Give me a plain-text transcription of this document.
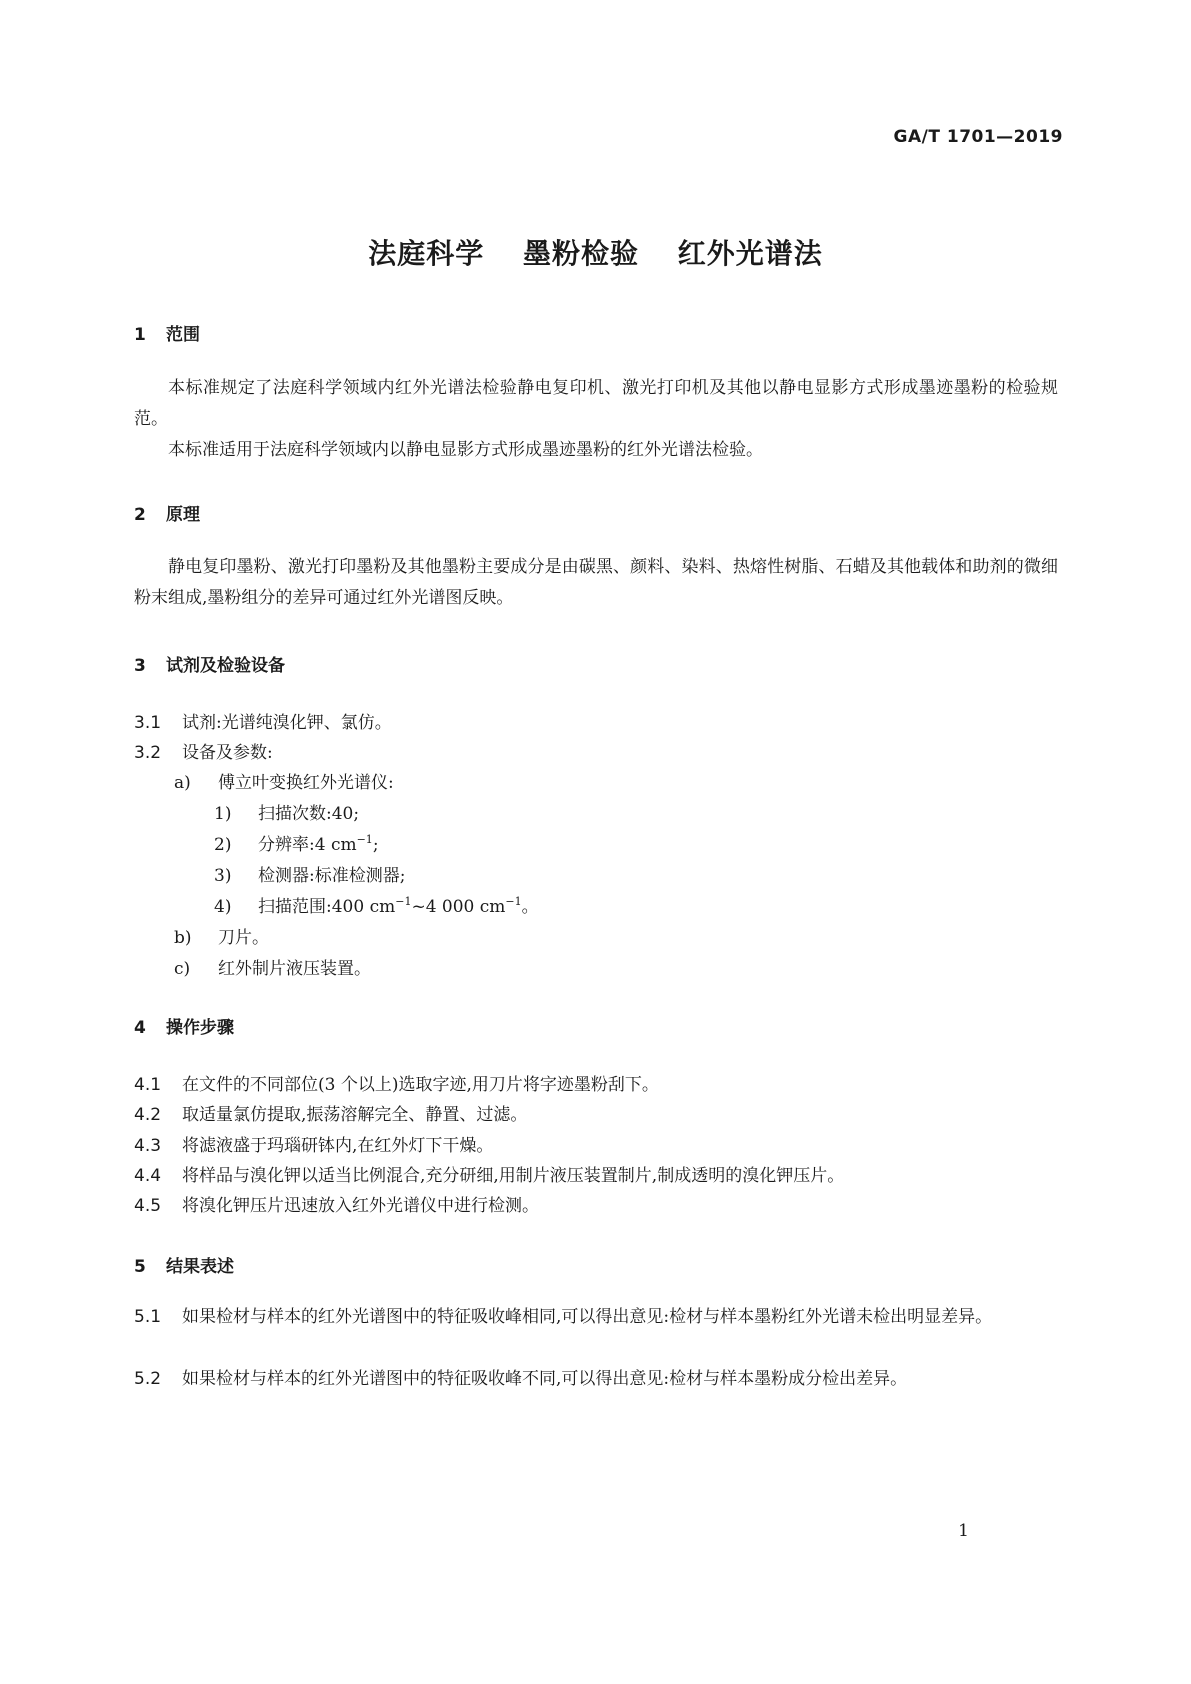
GA/T 1701—2019
法庭科学 墨粉检验 红外光谱法
1 范围

本标准规定了法庭科学领域内红外光谱法检验静电复印机、激光打印机及其他以静电显影方式形成墨迹墨粉的检验规范。

本标准适用于法庭科学领域内以静电显影方式形成墨迹墨粉的红外光谱法检验。

2 原理

静电复印墨粉、激光打印墨粉及其他墨粉主要成分是由碳黑、颜料、染料、热熔性树脂、石蜡及其他载体和助剂的微细粉末组成,墨粉组分的差异可通过红外光谱图反映。

3 试剂及检验设备
3.1 试剂:光谱纯溴化钾、氯仿。
3.2 设备及参数:
a) 傅立叶变换红外光谱仪:
1) 扫描次数:40;
2) 分辨率:4 $cm^{-1}$;
3) 检测器:标准检测器;
4) 扫描范围:400 $cm^{-1}\sim 4$ 000 $cm^{-1}$。
b) 刀片。
c) 红外制片液压装置。
4 操作步骤
4.1 在文件的不同部位(3 个以上)选取字迹,用刀片将字迹墨粉刮下。
4.2 取适量氯仿提取,振荡溶解完全、静置、过滤。
4.3 将滤液盛于玛瑙研钵内,在红外灯下干燥。
4.4 将样品与溴化钾以适当比例混合,充分研细,用制片液压装置制片,制成透明的溴化钾压片。
4.5 将溴化钾压片迅速放入红外光谱仪中进行检测。
5 结果表述
5.1 如果检材与样本的红外光谱图中的特征吸收峰相同,可以得出意见:检材与样本墨粉红外光谱未检出明显差异。
5.2 如果检材与样本的红外光谱图中的特征吸收峰不同,可以得出意见:检材与样本墨粉成分检出差异。
1
